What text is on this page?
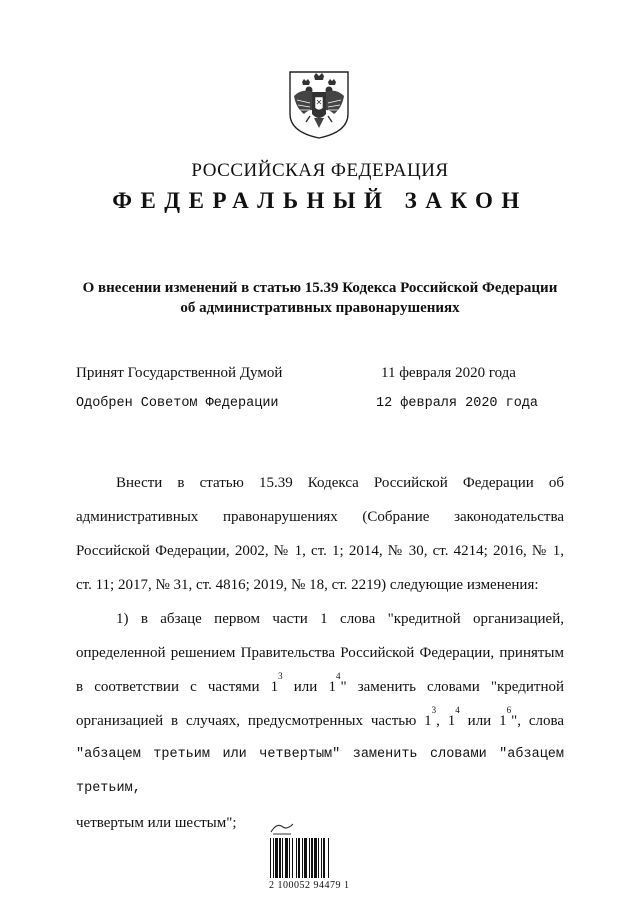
РОССИЙСКАЯ ФЕДЕРАЦИЯ
ФЕДЕРАЛЬНЫЙ ЗАКОН
О внесении изменений в статью 15.39 Кодекса Российской Федерации
об административных правонарушениях
Принят Государственной Думой	11 февраля 2020 года
Одобрен Советом Федерации	12 февраля 2020 года

Внести в статью 15.39 Кодекса Российской Федерации об

административных правонарушениях (Собрание законодательства

Российской Федерации, 2002, № 1, ст. 1; 2014, № 30, ст. 4214; 2016, № 1,

ст. 11; 2017, № 31, ст. 4816; 2019, № 18, ст. 2219) следующие изменения:

1) в абзаце первом части 1 слова "кредитной организацией,

определенной решением Правительства Российской Федерации, принятым

в соответствии с частями $1^3$ или $1^4$" заменить словами "кредитной

организацией в случаях, предусмотренных частью $1^3$, $1^4$ или $1^6$", слова

"абзацем третьим или четвертым" заменить словами "абзацем третьим,

четвертым или шестым";

2 100052 94479 1
